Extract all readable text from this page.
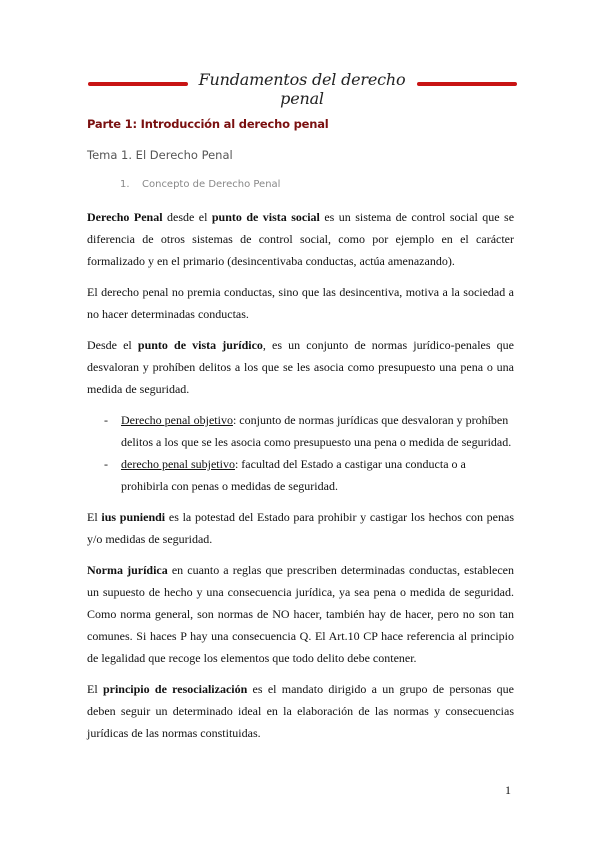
Fundamentos del derecho penal
Parte 1: Introducción al derecho penal
Tema 1. El Derecho Penal
1. Concepto de Derecho Penal

Derecho Penal desde el punto de vista social es un sistema de control social que se diferencia de otros sistemas de control social, como por ejemplo en el carácter formalizado y en el primario (desincentivaba conductas, actúa amenazando).

El derecho penal no premia conductas, sino que las desincentiva, motiva a la sociedad a no hacer determinadas conductas.

Desde el punto de vista jurídico, es un conjunto de normas jurídico-penales que desvaloran y prohíben delitos a los que se les asocia como presupuesto una pena o una medida de seguridad.

- Derecho penal objetivo: conjunto de normas jurídicas que desvaloran y prohíben delitos a los que se les asocia como presupuesto una pena o medida de seguridad.
- derecho penal subjetivo: facultad del Estado a castigar una conducta o a prohibirla con penas o medidas de seguridad.

El ius puniendi es la potestad del Estado para prohibir y castigar los hechos con penas y/o medidas de seguridad.

Norma jurídica en cuanto a reglas que prescriben determinadas conductas, establecen un supuesto de hecho y una consecuencia jurídica, ya sea pena o medida de seguridad. Como norma general, son normas de NO hacer, también hay de hacer, pero no son tan comunes. Si haces P hay una consecuencia Q. El Art.10 CP hace referencia al principio de legalidad que recoge los elementos que todo delito debe contener.

El principio de resocialización es el mandato dirigido a un grupo de personas que deben seguir un determinado ideal en la elaboración de las normas y consecuencias jurídicas de las normas constituidas.

1
